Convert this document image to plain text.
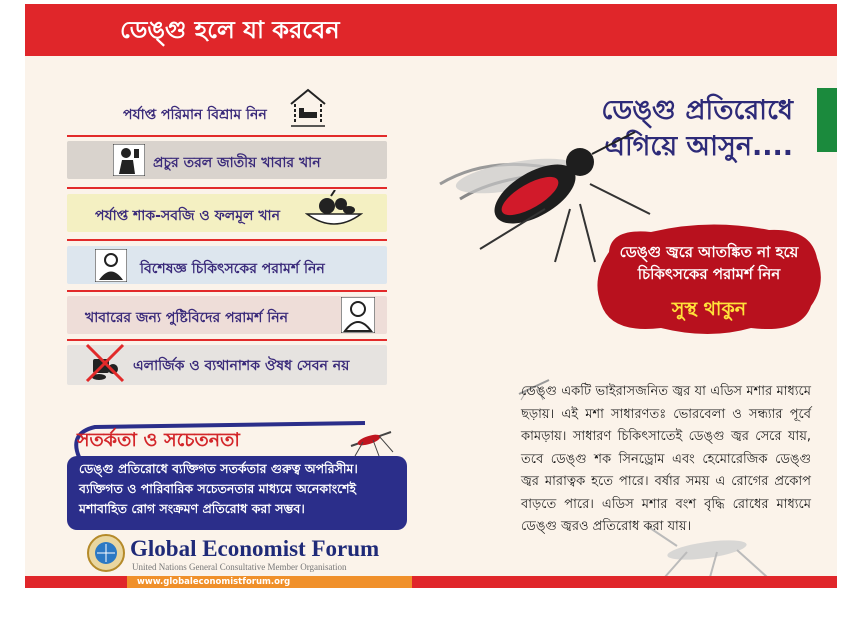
ডেঙ্গু হলে যা করবেন
পর্যাপ্ত পরিমান বিশ্রাম নিন
প্রচুর তরল জাতীয় খাবার খান
পর্যাপ্ত শাক-সবজি ও ফলমূল খান
বিশেষজ্ঞ চিকিৎসকের পরামর্শ নিন
খাবারের জন্য পুষ্টিবিদের পরামর্শ নিন
এলার্জিক ও ব্যথানাশক ঔষধ সেবন নয়
ডেঙ্গু প্রতিরোধে
এগিয়ে আসুন....
ডেঙ্গু জ্বরে আতঙ্কিত না হয়ে
চিকিৎসকের পরামর্শ নিন
সুস্থ থাকুন
ডেঙ্গু একটি ভাইরাসজনিত জ্বর যা এডিস মশার মাধ্যমে ছড়ায়। এই মশা সাধারণতঃ ভোরবেলা ও সন্ধ্যার পূর্বে কামড়ায়। সাধারণ চিকিৎসাতেই ডেঙ্গু জ্বর সেরে যায়, তবে ডেঙ্গু শক সিনড্রোম এবং হেমোরেজিক ডেঙ্গু জ্বর মারাত্বক হতে পারে। বর্ষার সময় এ রোগের প্রকোপ বাড়তে পারে। এডিস মশার বংশ বৃদ্ধি রোধের মাধ্যমে ডেঙ্গু জ্বরও প্রতিরোধ করা যায়।
সতর্কতা ও সচেতনতা
ডেঙ্গু প্রতিরোধে ব্যক্তিগত সতর্কতার গুরুত্ব অপরিসীম। ব্যক্তিগত ও পারিবারিক সচেতনতার মাধ্যমে অনেকাংশেই মশাবাহিত রোগ সংক্রমণ প্রতিরোধ করা সম্ভব।
Global Economist Forum
United Nations General Consultative Member Organisation
www.globaleconomistforum.org
